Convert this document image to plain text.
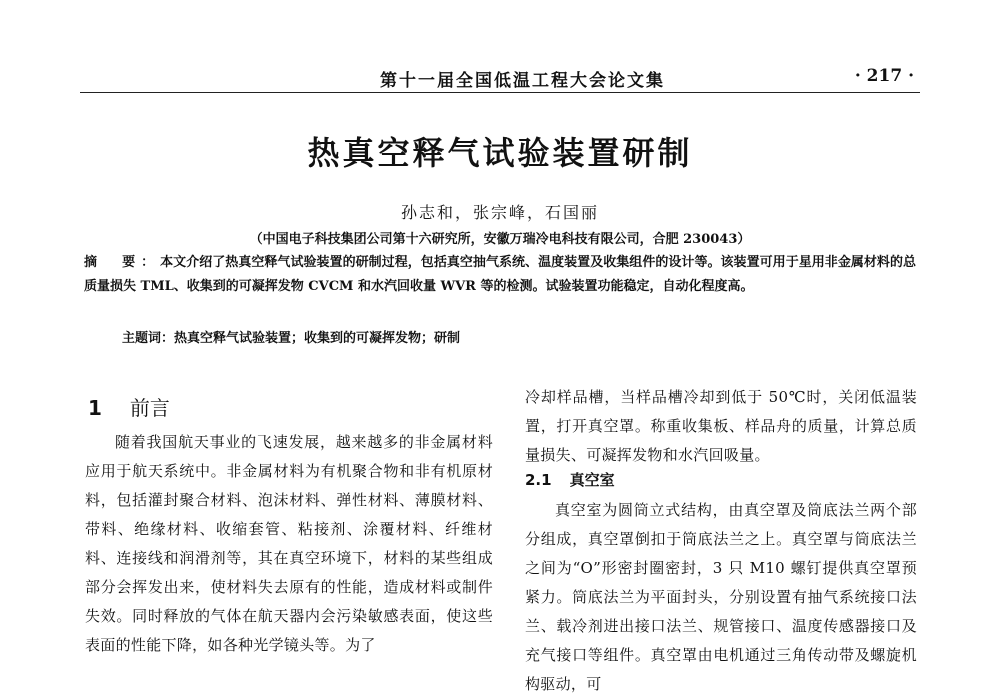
第十一届全国低温工程大会论文集	· 217 ·
热真空释气试验装置研制
孙志和，张宗峰，石国丽
（中国电子科技集团公司第十六研究所，安徽万瑞冷电科技有限公司，合肥 230043）
摘　要：本文介绍了热真空释气试验装置的研制过程，包括真空抽气系统、温度装置及收集组件的设计等。该装置可用于星用非金属材料的总质量损失 TML、收集到的可凝挥发物 CVCM 和水汽回收量 WVR 等的检测。试验装置功能稳定，自动化程度高。
主题词：热真空释气试验装置；收集到的可凝挥发物；研制
1 前言

随着我国航天事业的飞速发展，越来越多的非金属材料应用于航天系统中。非金属材料为有机聚合物和非有机原材料，包括灌封聚合材料、泡沫材料、弹性材料、薄膜材料、带料、绝缘材料、收缩套管、粘接剂、涂覆材料、纤维材料、连接线和润滑剂等，其在真空环境下，材料的某些组成部分会挥发出来，使材料失去原有的性能，造成材料或制件失效。同时释放的气体在航天器内会污染敏感表面，使这些表面的性能下降，如各种光学镜头等。为了

冷却样品槽，当样品槽冷却到低于 50℃时，关闭低温装置，打开真空罩。称重收集板、样品舟的质量，计算总质量损失、可凝挥发物和水汽回吸量。

2.1 真空室

真空室为圆筒立式结构，由真空罩及筒底法兰两个部分组成，真空罩倒扣于筒底法兰之上。真空罩与筒底法兰之间为“O”形密封圈密封，3 只 M10 螺钉提供真空罩预紧力。筒底法兰为平面封头，分别设置有抽气系统接口法兰、载冷剂进出接口法兰、规管接口、温度传感器接口及充气接口等组件。真空罩由电机通过三角传动带及螺旋机构驱动，可
